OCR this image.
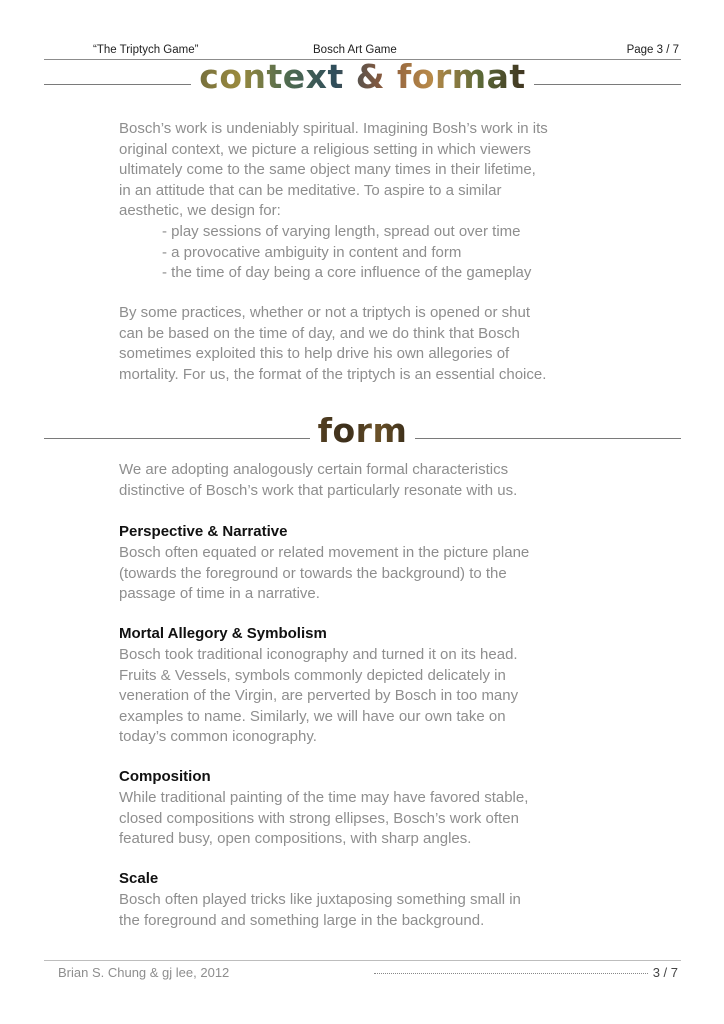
“The Triptych Game”	Bosch Art Game	Page 3 / 7
context & format

Bosch’s work is undeniably spiritual. Imagining Bosh’s work in its
original context, we picture a religious setting in which viewers
ultimately come to the same object many times in their lifetime,
in an attitude that can be meditative. To aspire to a similar
aesthetic, we design for:
- play sessions of varying length, spread out over time
- a provocative ambiguity in content and form
- the time of day being a core influence of the gameplay

By some practices, whether or not a triptych is opened or shut
can be based on the time of day, and we do think that Bosch
sometimes exploited this to help drive his own allegories of
mortality. For us, the format of the triptych is an essential choice.

form

We are adopting analogously certain formal characteristics
distinctive of Bosch’s work that particularly resonate with us.

Perspective & Narrative

Bosch often equated or related movement in the picture plane
(towards the foreground or towards the background) to the
passage of time in a narrative.

Mortal Allegory & Symbolism

Bosch took traditional iconography and turned it on its head.
Fruits & Vessels, symbols commonly depicted delicately in
veneration of the Virgin, are perverted by Bosch in too many
examples to name. Similarly, we will have our own take on
today’s common iconography.

Composition

While traditional painting of the time may have favored stable,
closed compositions with strong ellipses, Bosch’s work often
featured busy, open compositions, with sharp angles.

Scale

Bosch often played tricks like juxtaposing something small in
the foreground and something large in the background.

Brian S. Chung & gj lee, 2012	3 / 7
